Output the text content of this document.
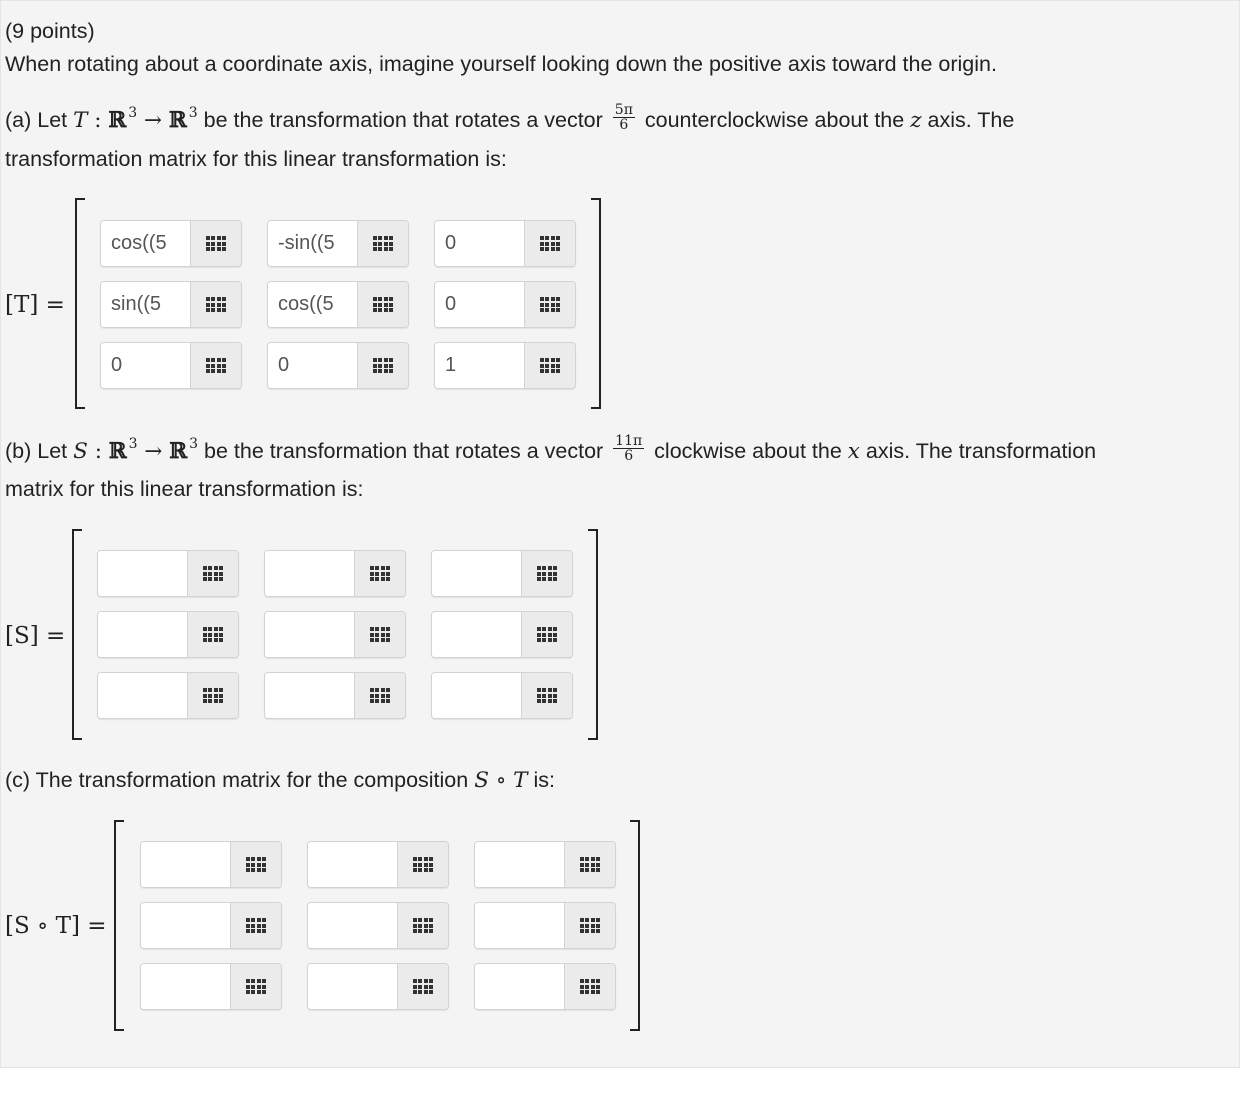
(9 points)
When rotating about a coordinate axis, imagine yourself looking down the positive axis toward the origin.
(a) Let T : ℝ $^3$ → ℝ $^3$ be the transformation that rotates a vector $\frac{5\pi}{6}$ counterclockwise about the z axis. The
transformation matrix for this linear transformation is:
[T] =
cos((5
-sin((5
0
sin((5
cos((5
0
0
0
1
(b) Let S : ℝ $^3$ → ℝ $^3$ be the transformation that rotates a vector $\frac{11\pi}{6}$ clockwise about the x axis. The transformation
matrix for this linear transformation is:
[S] =
(c) The transformation matrix for the composition S ∘ T is:
[S ∘ T] =
